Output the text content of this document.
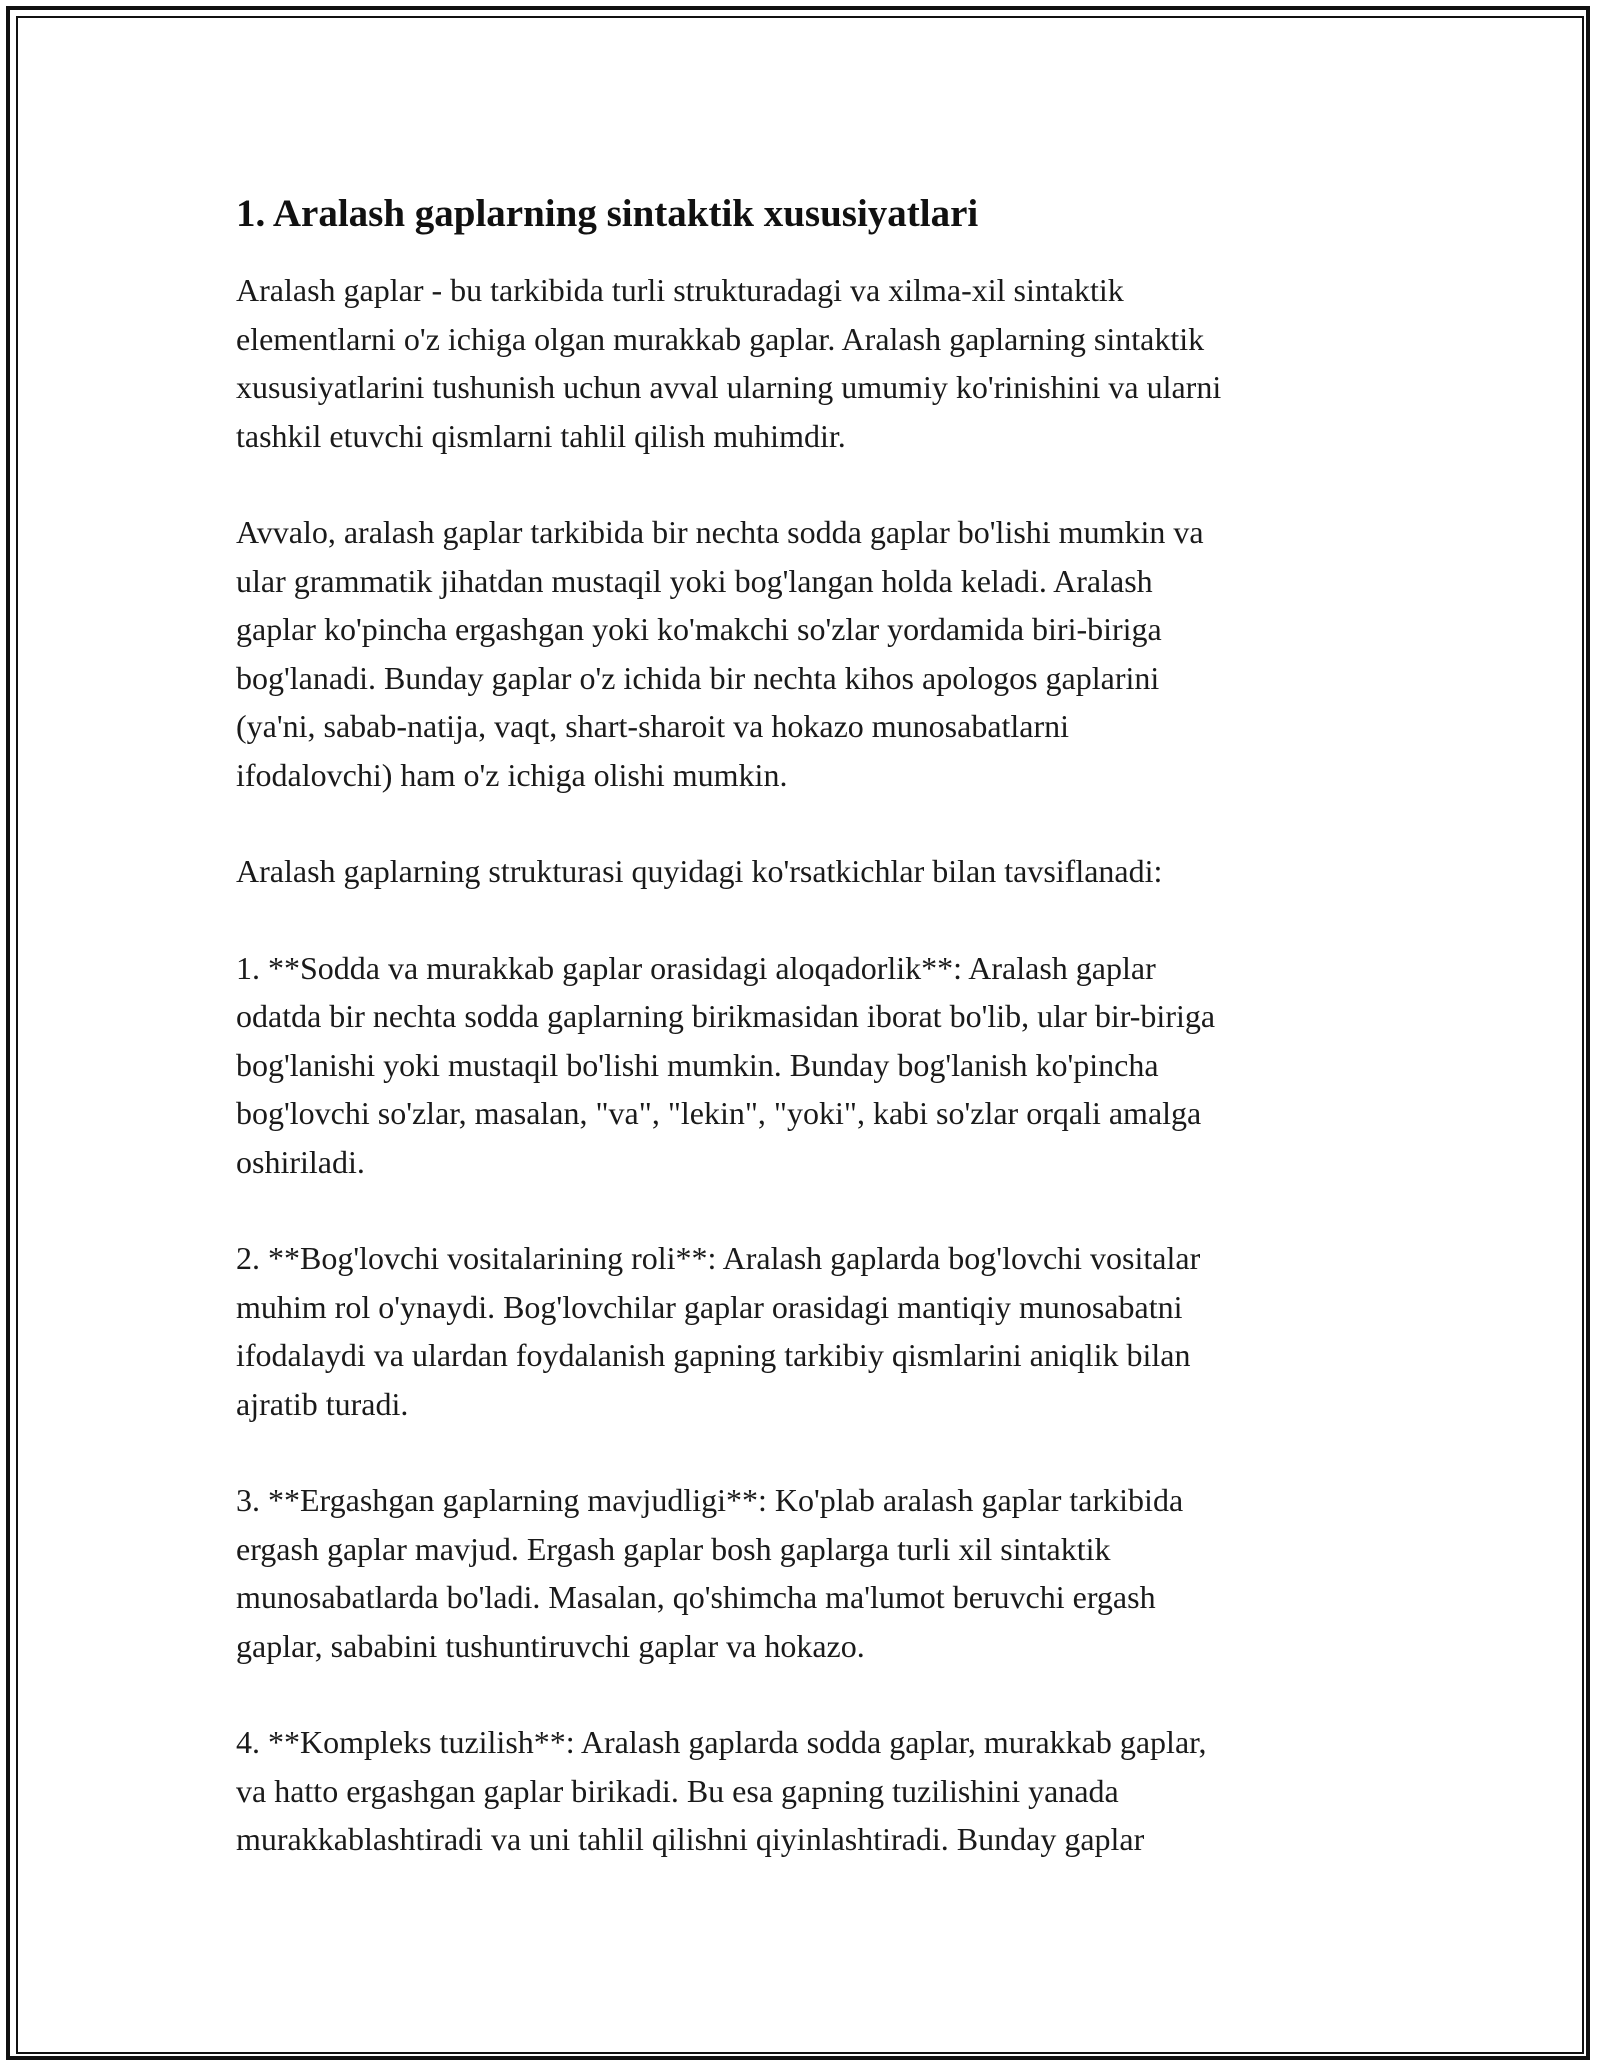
1. Aralash gaplarning sintaktik xususiyatlari

Aralash gaplar - bu tarkibida turli strukturadagi va xilma-xil sintaktik
elementlarni o'z ichiga olgan murakkab gaplar. Aralash gaplarning sintaktik
xususiyatlarini tushunish uchun avval ularning umumiy ko'rinishini va ularni
tashkil etuvchi qismlarni tahlil qilish muhimdir.

Avvalo, aralash gaplar tarkibida bir nechta sodda gaplar bo'lishi mumkin va
ular grammatik jihatdan mustaqil yoki bog'langan holda keladi. Aralash
gaplar ko'pincha ergashgan yoki ko'makchi so'zlar yordamida biri-biriga
bog'lanadi. Bunday gaplar o'z ichida bir nechta kihos apologos gaplarini
(ya'ni, sabab-natija, vaqt, shart-sharoit va hokazo munosabatlarni
ifodalovchi) ham o'z ichiga olishi mumkin.

Aralash gaplarning strukturasi quyidagi ko'rsatkichlar bilan tavsiflanadi:

1. **Sodda va murakkab gaplar orasidagi aloqadorlik**: Aralash gaplar
odatda bir nechta sodda gaplarning birikmasidan iborat bo'lib, ular bir-biriga
bog'lanishi yoki mustaqil bo'lishi mumkin. Bunday bog'lanish ko'pincha
bog'lovchi so'zlar, masalan, "va", "lekin", "yoki", kabi so'zlar orqali amalga
oshiriladi.

2. **Bog'lovchi vositalarining roli**: Aralash gaplarda bog'lovchi vositalar
muhim rol o'ynaydi. Bog'lovchilar gaplar orasidagi mantiqiy munosabatni
ifodalaydi va ulardan foydalanish gapning tarkibiy qismlarini aniqlik bilan
ajratib turadi.

3. **Ergashgan gaplarning mavjudligi**: Ko'plab aralash gaplar tarkibida
ergash gaplar mavjud. Ergash gaplar bosh gaplarga turli xil sintaktik
munosabatlarda bo'ladi. Masalan, qo'shimcha ma'lumot beruvchi ergash
gaplar, sababini tushuntiruvchi gaplar va hokazo.

4. **Kompleks tuzilish**: Aralash gaplarda sodda gaplar, murakkab gaplar,
va hatto ergashgan gaplar birikadi. Bu esa gapning tuzilishini yanada
murakkablashtiradi va uni tahlil qilishni qiyinlashtiradi. Bunday gaplar
